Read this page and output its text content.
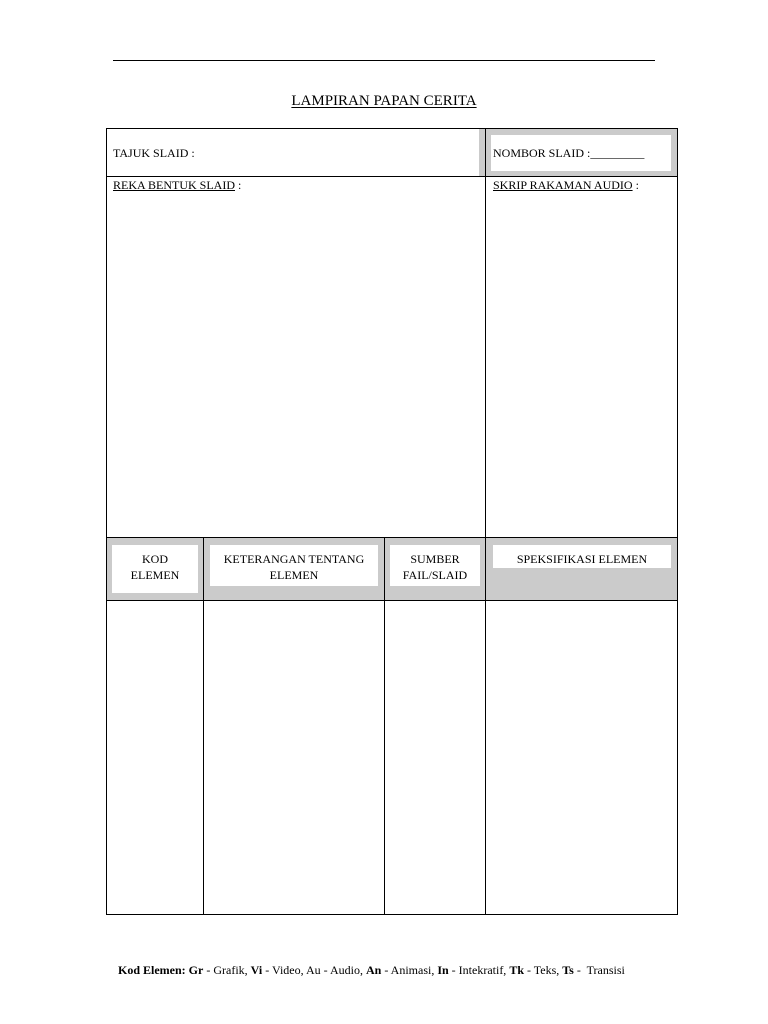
LAMPIRAN PAPAN CERITA
TAJUK SLAID :	NOMBOR SLAID :_________
REKA BENTUK SLAID :	SKRIP RAKAMAN AUDIO :
KOD
ELEMEN
KETERANGAN TENTANG
ELEMEN
SUMBER
FAIL/SLAID
SPEKSIFIKASI ELEMEN
Kod Elemen: Gr - Grafik, Vi - Video, Au - Audio, An - Animasi, In - Intekratif, Tk - Teks, Ts -  Transisi
